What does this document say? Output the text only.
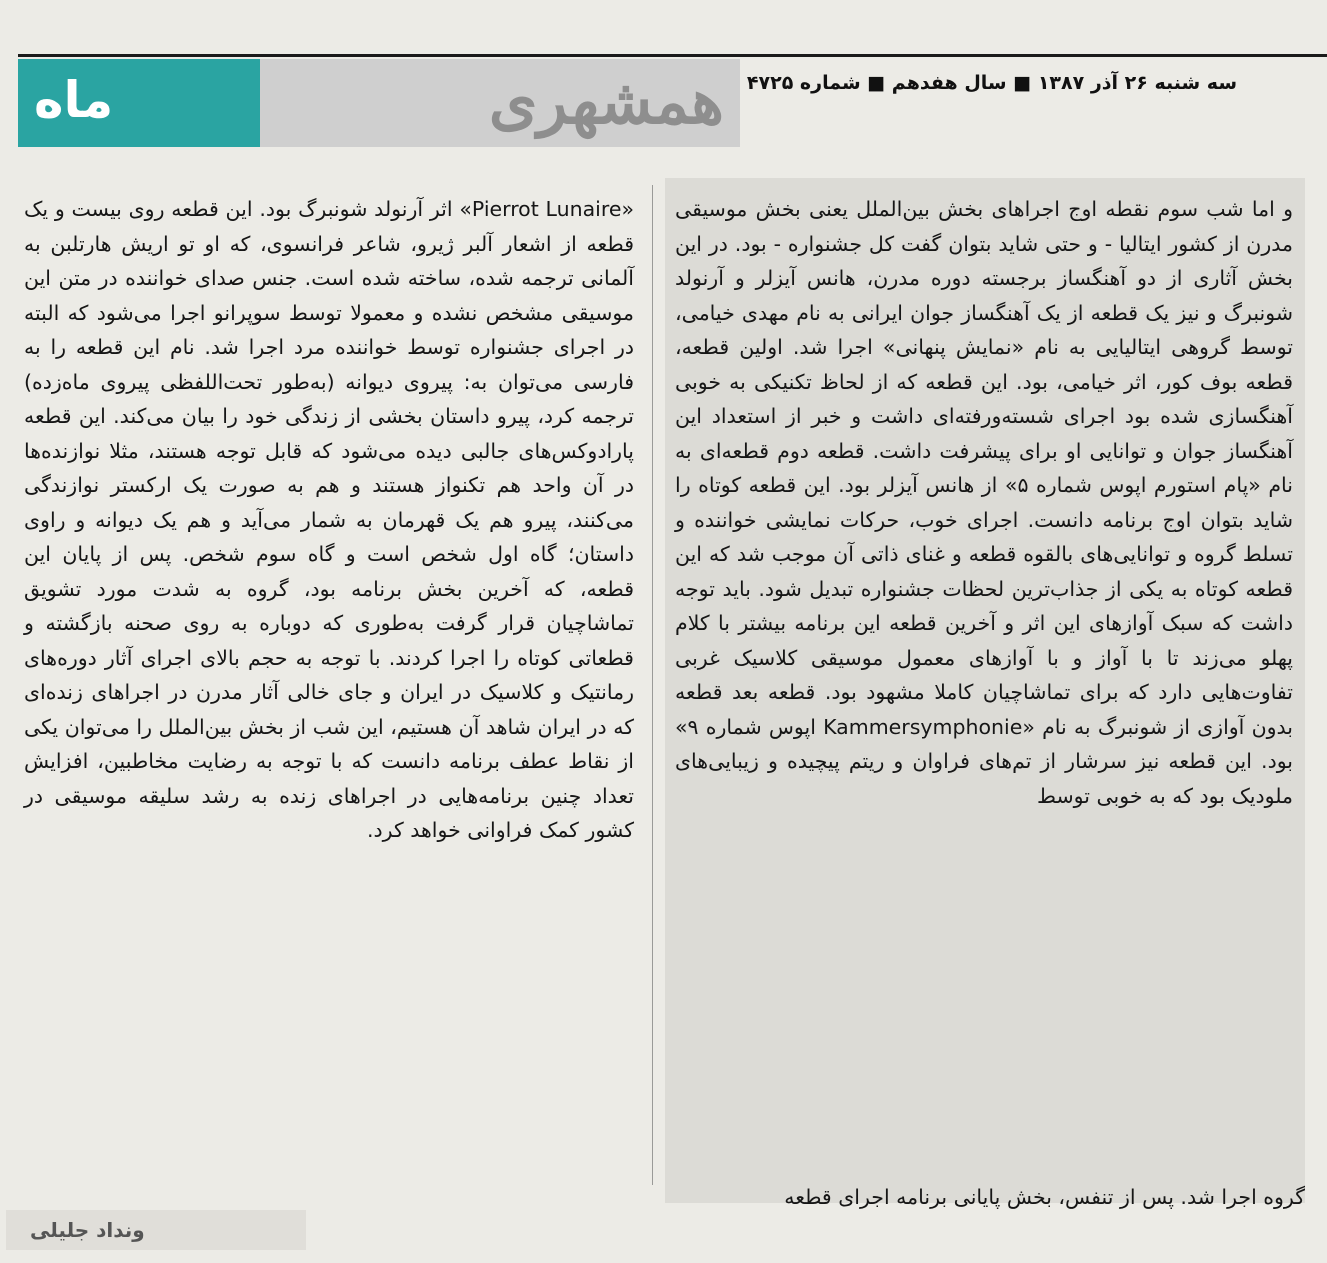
ماه	همشهری سه شنبه ۲۶ آذر ۱۳۸۷ ■ سال هفدهم ■ شماره ۴۷۲۵

و اما شب سوم نقطه اوج اجراهای بخش بین‌الملل یعنی بخش موسیقی مدرن از کشور ایتالیا - و حتی شاید بتوان گفت کل جشنواره - بود. در این بخش آثاری از دو آهنگساز برجسته دوره مدرن، هانس آیزلر و آرنولد شونبرگ و نیز یک قطعه از یک آهنگساز جوان ایرانی به نام مهدی خیامی، توسط گروهی ایتالیایی به نام «نمایش پنهانی» اجرا شد. اولین قطعه، قطعه بوف کور، اثر خیامی، بود. این قطعه که از لحاظ تکنیکی به خوبی آهنگسازی شده بود اجرای شسته‌ورفته‌ای داشت و خبر از استعداد این آهنگساز جوان و توانایی او برای پیشرفت داشت. قطعه دوم قطعه‌ای به نام «پام استورم اپوس شماره ۵» از هانس آیزلر بود. این قطعه کوتاه را شاید بتوان اوج برنامه دانست. اجرای خوب، حرکات نمایشی خواننده و تسلط گروه و توانایی‌های بالقوه قطعه و غنای ذاتی آن موجب شد که این قطعه کوتاه به یکی از جذاب‌ترین لحظات جشنواره تبدیل شود. باید توجه داشت که سبک آوازهای این اثر و آخرین قطعه این برنامه بیشتر با کلام پهلو می‌زند تا با آواز و با آوازهای معمول موسیقی کلاسیک غربی تفاوت‌هایی دارد که برای تماشاچیان کاملا مشهود بود. قطعه بعد قطعه بدون آوازی از شونبرگ به نام «Kammersymphonie اپوس شماره ۹» بود. این قطعه نیز سرشار از تم‌های فراوان و ریتم پیچیده و زیبایی‌های ملودیک بود که به خوبی توسط

«Pierrot Lunaire» اثر آرنولد شونبرگ بود. این قطعه روی بیست و یک قطعه از اشعار آلبر ژیرو، شاعر فرانسوی، که او تو اریش هارتلبن به آلمانی ترجمه شده، ساخته شده است. جنس صدای خواننده در متن این موسیقی مشخص نشده و معمولا توسط سوپرانو اجرا می‌شود که البته در اجرای جشنواره توسط خواننده مرد اجرا شد. نام این قطعه را به فارسی می‌توان به: پیروی دیوانه (به‌طور تحت‌اللفظی پیروی ماه‌زده) ترجمه کرد، پیرو داستان بخشی از زندگی خود را بیان می‌کند. این قطعه پارادوکس‌های جالبی دیده می‌شود که قابل توجه هستند، مثلا نوازنده‌ها در آن واحد هم تکنواز هستند و هم به صورت یک ارکستر نوازندگی می‌کنند، پیرو هم یک قهرمان به شمار می‌آید و هم یک دیوانه و راوی داستان؛ گاه اول شخص است و گاه سوم شخص. پس از پایان این قطعه، که آخرین بخش برنامه بود، گروه به شدت مورد تشویق تماشاچیان قرار گرفت به‌طوری که دوباره به روی صحنه بازگشته و قطعاتی کوتاه را اجرا کردند. با توجه به حجم بالای اجرای آثار دوره‌های رمانتیک و کلاسیک در ایران و جای خالی آثار مدرن در اجراهای زنده‌ای که در ایران شاهد آن هستیم، این شب از بخش بین‌الملل را می‌توان یکی از نقاط عطف برنامه دانست که با توجه به رضایت مخاطبین، افزایش تعداد چنین برنامه‌هایی در اجراهای زنده به رشد سلیقه موسیقی در کشور کمک فراوانی خواهد کرد.

گروه اجرا شد. پس از تنفس، بخش پایانی برنامه اجرای قطعه
ونداد جلیلی
